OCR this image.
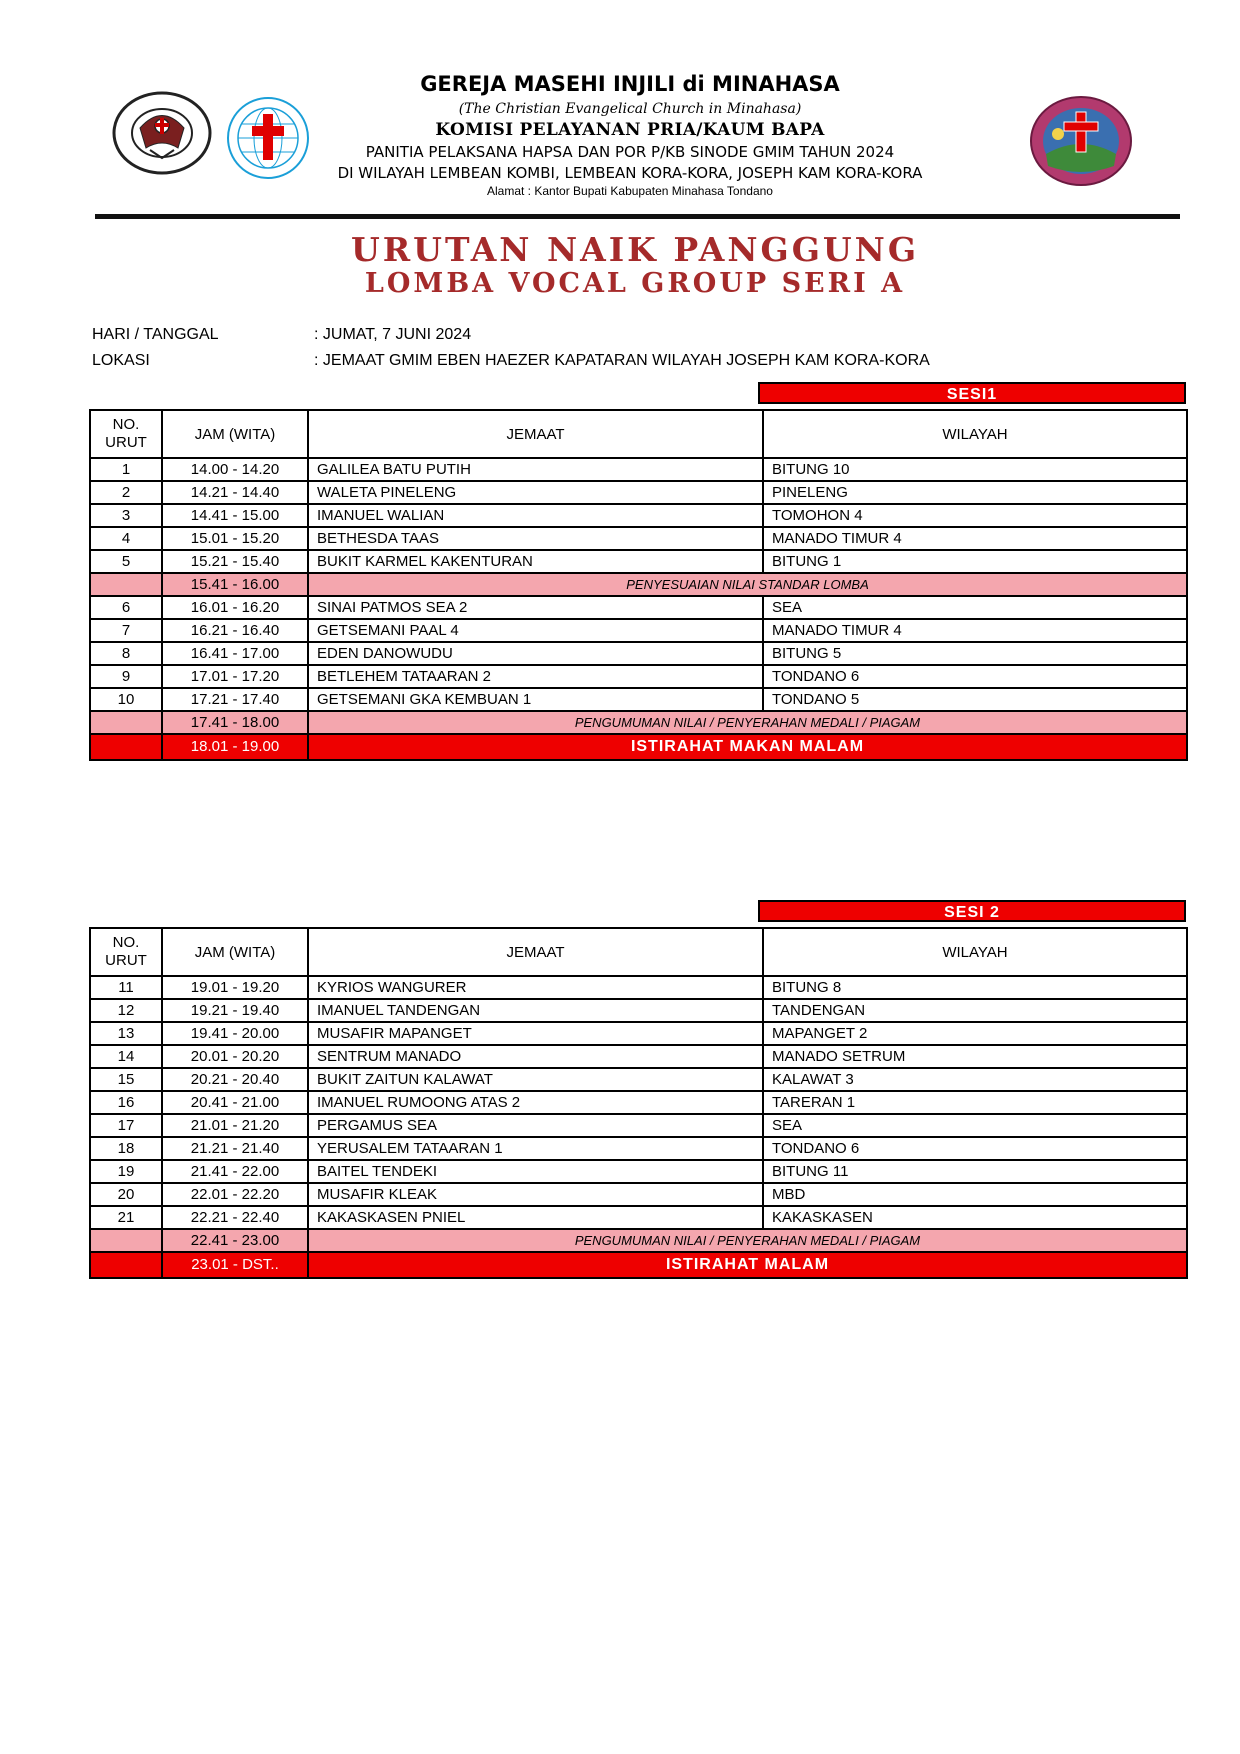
GEREJA MASEHI INJILI di MINAHASA
(The Christian Evangelical Church in Minahasa)
KOMISI PELAYANAN PRIA/KAUM BAPA
PANITIA PELAKSANA HAPSA DAN POR P/KB SINODE GMIM TAHUN 2024
DI WILAYAH LEMBEAN KOMBI, LEMBEAN KORA-KORA, JOSEPH KAM KORA-KORA
Alamat : Kantor Bupati Kabupaten Minahasa Tondano
URUTAN NAIK PANGGUNG
LOMBA VOCAL GROUP SERI A
HARI / TANGGAL	: JUMAT, 7 JUNI 2024
LOKASI	: JEMAAT GMIM EBEN HAEZER KAPATARAN WILAYAH JOSEPH KAM KORA-KORA
SESI1
NO.
URUT	JAM (WITA)	JEMAAT	WILAYAH
1	14.00 - 14.20	GALILEA BATU PUTIH	BITUNG 10
2	14.21 - 14.40	WALETA PINELENG	PINELENG
3	14.41 - 15.00	IMANUEL WALIAN	TOMOHON 4
4	15.01 - 15.20	BETHESDA TAAS	MANADO TIMUR 4
5	15.21 - 15.40	BUKIT KARMEL KAKENTURAN	BITUNG 1
	15.41 - 16.00	PENYESUAIAN NILAI STANDAR LOMBA	
6	16.01 - 16.20	SINAI PATMOS SEA 2	SEA
7	16.21 - 16.40	GETSEMANI PAAL 4	MANADO TIMUR 4
8	16.41 - 17.00	EDEN DANOWUDU	BITUNG 5
9	17.01 - 17.20	BETLEHEM TATAARAN 2	TONDANO 6
10	17.21 - 17.40	GETSEMANI GKA KEMBUAN 1	TONDANO 5
	17.41 - 18.00	PENGUMUMAN NILAI / PENYERAHAN MEDALI / PIAGAM	
	18.01 - 19.00	ISTIRAHAT MAKAN MALAM	
SESI 2
NO.
URUT	JAM (WITA)	JEMAAT	WILAYAH
11	19.01 - 19.20	KYRIOS WANGURER	BITUNG 8
12	19.21 - 19.40	IMANUEL TANDENGAN	TANDENGAN
13	19.41 - 20.00	MUSAFIR MAPANGET	MAPANGET 2
14	20.01 - 20.20	SENTRUM MANADO	MANADO SETRUM
15	20.21 - 20.40	BUKIT ZAITUN KALAWAT	KALAWAT 3
16	20.41 - 21.00	IMANUEL RUMOONG ATAS 2	TARERAN 1
17	21.01 - 21.20	PERGAMUS SEA	SEA
18	21.21 - 21.40	YERUSALEM TATAARAN 1	TONDANO 6
19	21.41 - 22.00	BAITEL TENDEKI	BITUNG 11
20	22.01 - 22.20	MUSAFIR KLEAK	MBD
21	22.21 - 22.40	KAKASKASEN PNIEL	KAKASKASEN
	22.41 - 23.00	PENGUMUMAN NILAI / PENYERAHAN MEDALI / PIAGAM	
	23.01 - DST..	ISTIRAHAT MALAM	
